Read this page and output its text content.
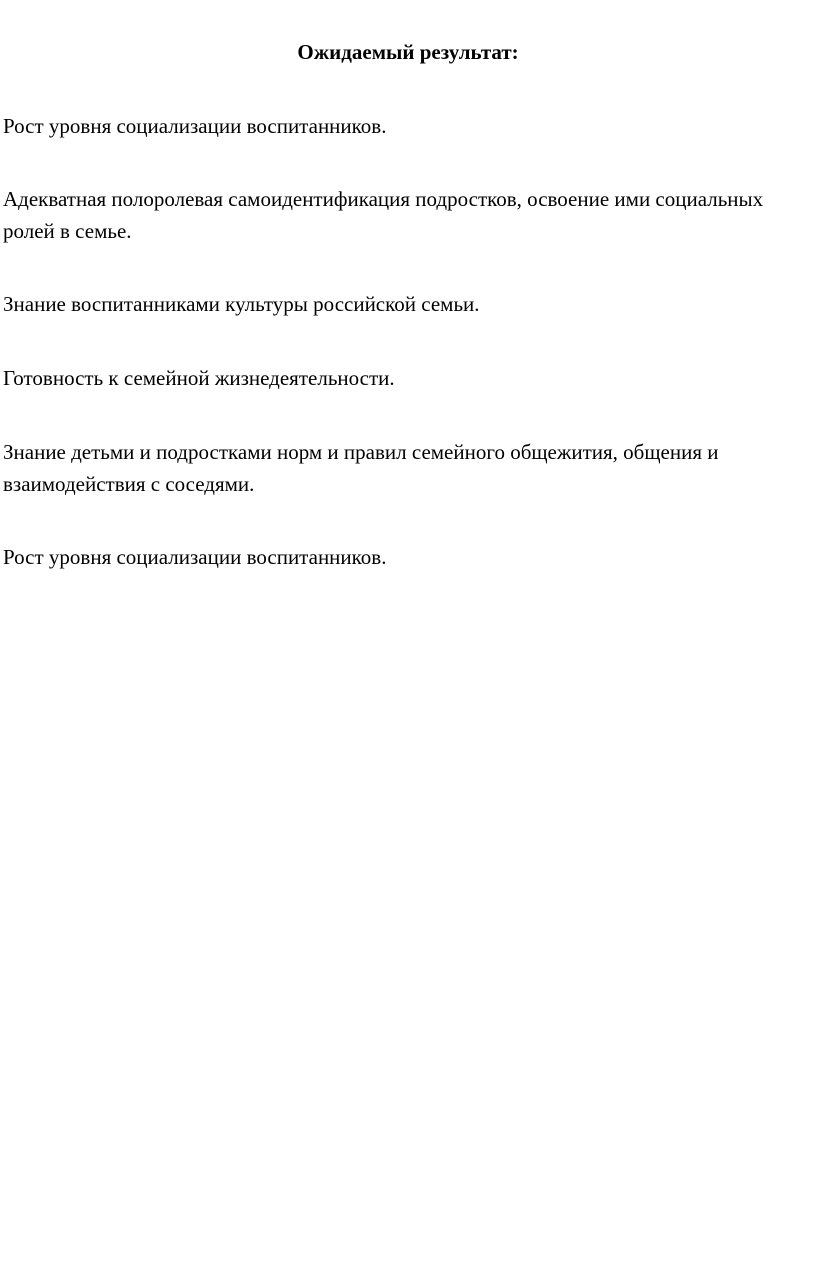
Ожидаемый результат:

Рост уровня социализации воспитанников.

Адекватная полоролевая самоидентификация подростков, освоение ими социальных ролей в семье.

Знание воспитанниками культуры российской семьи.

Готовность к семейной жизнедеятельности.

Знание детьми и подростками норм и правил семейного общежития, общения и взаимодействия с соседями.

Рост уровня социализации воспитанников.
